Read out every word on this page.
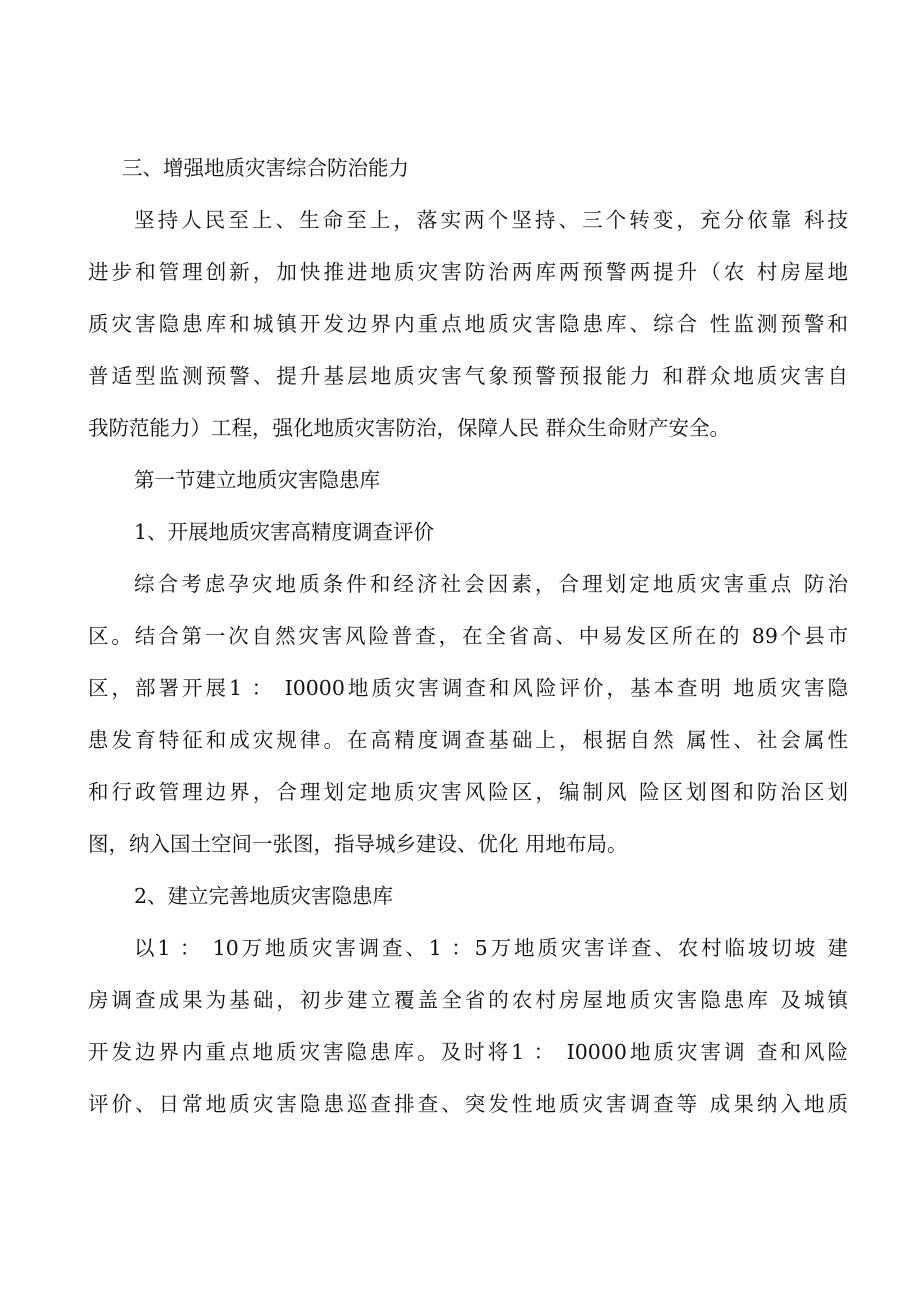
三、增强地质灾害综合防治能力
坚持人民至上、生命至上，落实两个坚持、三个转变，充分依靠 科技
进步和管理创新，加快推进地质灾害防治两库两预警两提升（农 村房屋地
质灾害隐患库和城镇开发边界内重点地质灾害隐患库、综合 性监测预警和
普适型监测预警、提升基层地质灾害气象预警预报能力 和群众地质灾害自
我防范能力）工程，强化地质灾害防治，保障人民 群众生命财产安全。
第一节建立地质灾害隐患库
1、开展地质灾害高精度调查评价
综合考虑孕灾地质条件和经济社会因素，合理划定地质灾害重点 防治
区。结合第一次自然灾害风险普查，在全省高、中易发区所在的 89个县市
区，部署开展1 ： I0000地质灾害调查和风险评价，基本查明 地质灾害隐
患发育特征和成灾规律。在高精度调查基础上，根据自然 属性、社会属性
和行政管理边界，合理划定地质灾害风险区，编制风 险区划图和防治区划
图，纳入国土空间一张图，指导城乡建设、优化 用地布局。
2、建立完善地质灾害隐患库
以1 ： 10万地质灾害调查、1 ：5万地质灾害详查、农村临坡切坡 建
房调查成果为基础，初步建立覆盖全省的农村房屋地质灾害隐患库 及城镇
开发边界内重点地质灾害隐患库。及时将1 ： I0000地质灾害调 查和风险
评价、日常地质灾害隐患巡查排查、突发性地质灾害调查等 成果纳入地质
